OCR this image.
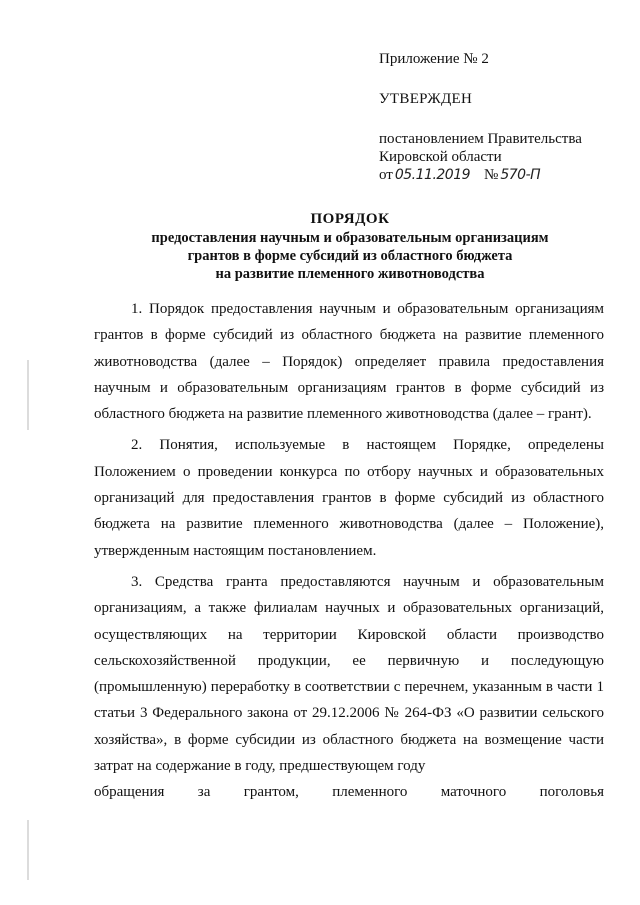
Приложение № 2
УТВЕРЖДЕН
постановлением Правительства
Кировской области
от 05.11.2019 № 570-П
ПОРЯДОК
предоставления научным и образовательным организациям
грантов в форме субсидий из областного бюджета
на развитие племенного животноводства

1. Порядок предоставления научным и образовательным организациям грантов в форме субсидий из областного бюджета на развитие племенного животноводства (далее – Порядок) определяет правила предоставления научным и образовательным организациям грантов в форме субсидий из областного бюджета на развитие племенного животноводства (далее – грант).

2. Понятия, используемые в настоящем Порядке, определены Положением о проведении конкурса по отбору научных и образовательных организаций для предоставления грантов в форме субсидий из областного бюджета на развитие племенного животноводства (далее – Положение), утвержденным настоящим постановлением.

3. Средства гранта предоставляются научным и образовательным организациям, а также филиалам научных и образовательных организаций, осуществляющих на территории Кировской области производство сельскохозяйственной продукции, ее первичную и последующую (промышленную) переработку в соответствии с перечнем, указанным в части 1 статьи 3 Федерального закона от 29.12.2006 № 264-ФЗ «О развитии сельского хозяйства», в форме субсидии из областного бюджета на возмещение части затрат на содержание в году, предшествующем году

обращения за грантом, племенного маточного поголовья
